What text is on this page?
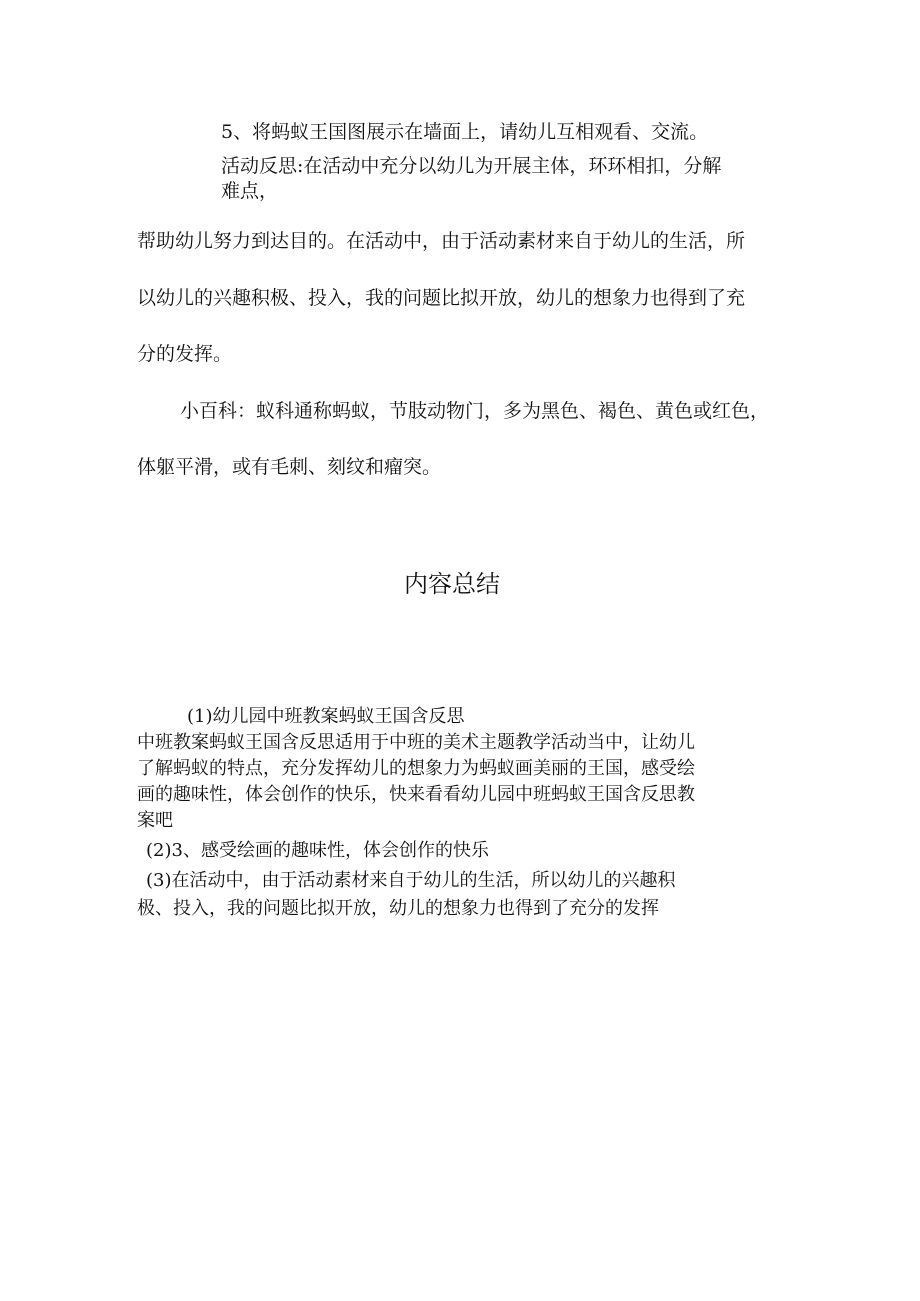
5、将蚂蚁王国图展示在墙面上，请幼儿互相观看、交流。
活动反思:在活动中充分以幼儿为开展主体，环环相扣，分解
难点，
帮助幼儿努力到达目的。在活动中，由于活动素材来自于幼儿的生活，所
以幼儿的兴趣积极、投入，我的问题比拟开放，幼儿的想象力也得到了充
分的发挥。
小百科：蚁科通称蚂蚁，节肢动物门，多为黑色、褐色、黄色或红色，
体躯平滑，或有毛刺、刻纹和瘤突。
内容总结
(1)幼儿园中班教案蚂蚁王国含反思
中班教案蚂蚁王国含反思适用于中班的美术主题教学活动当中，让幼儿
了解蚂蚁的特点，充分发挥幼儿的想象力为蚂蚁画美丽的王国，感受绘
画的趣味性，体会创作的快乐，快来看看幼儿园中班蚂蚁王国含反思教
案吧
(2)3、感受绘画的趣味性，体会创作的快乐
(3)在活动中，由于活动素材来自于幼儿的生活，所以幼儿的兴趣积
极、投入，我的问题比拟开放，幼儿的想象力也得到了充分的发挥
